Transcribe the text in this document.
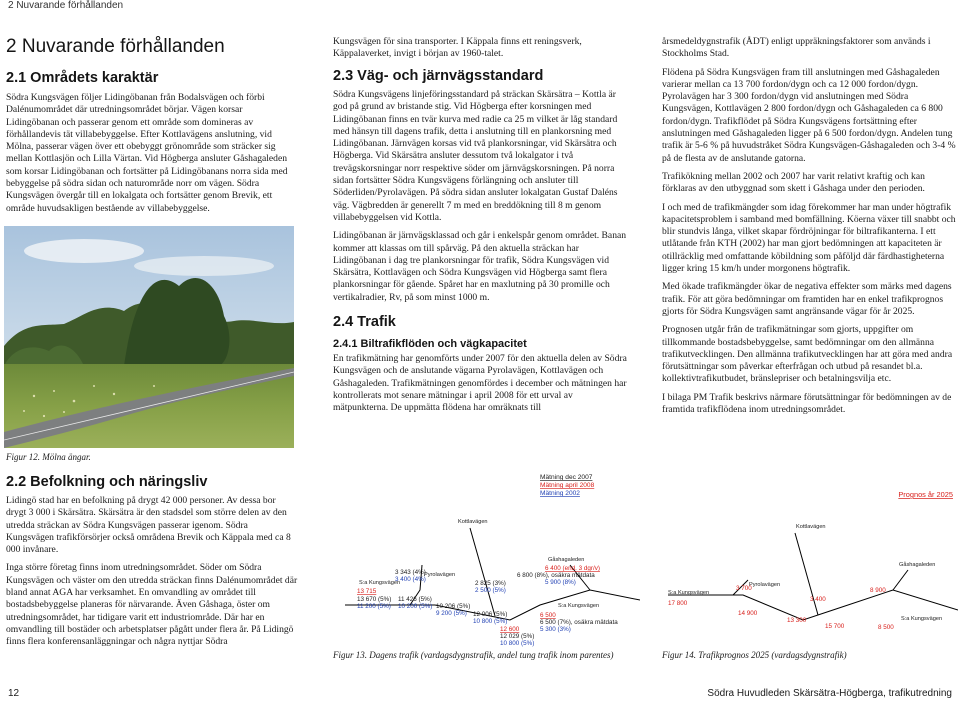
2 Nuvarande förhållanden
2 Nuvarande förhållanden
2.1 Områdets karaktär

Södra Kungsvägen följer Lidingöbanan från Bodalsvägen och förbi Dalénumområdet där utredningsområdet börjar. Vägen korsar Lidingöbanan och passerar genom ett område som domineras av förhållandevis tät villabebyggelse. Efter Kottlavägens anslutning, vid Mölna, passerar vägen över ett obebyggt grönområde som sträcker sig mellan Kottlasjön och Lilla Värtan. Vid Högberga ansluter Gåshagaleden som korsar Lidingöbanan och fortsätter på Lidingöbanans norra sida med bebyggelse på södra sidan och naturområde norr om vägen. Södra Kungsvägen övergår till en lokalgata och fortsätter genom Brevik, ett område huvudsakligen bestående av villabebyggelse.

Figur 12. Mölna ängar.
2.2 Befolkning och näringsliv

Lidingö stad har en befolkning på drygt 42 000 personer. Av dessa bor drygt 3 000 i Skärsätra. Skärsätra är den stadsdel som större delen av den utredda sträckan av Södra Kungsvägen passerar igenom. Södra Kungsvägen trafikförsörjer också områdena Brevik och Käppala med ca 8 000 invånare.

Inga större företag finns inom utredningsområdet. Söder om Södra Kungsvägen och väster om den utredda sträckan finns Dalénumområdet där bland annat AGA har verksamhet. En omvandling av området till bostadsbebyggelse planeras för närvarande. Även Gåshaga, öster om utredningsområdet, har tidigare varit ett industriområde. Där har en omvandling till bostäder och arbetsplatser pågått under flera år. På Lidingö finns flera konferensanläggningar och några nyttjar Södra

Kungsvägen för sina transporter. I Käppala finns ett reningsverk, Käppalaverket, invigt i början av 1960-talet.

2.3 Väg- och järnvägsstandard

Södra Kungsvägens linjeföringsstandard på sträckan Skärsätra – Kottla är god på grund av bristande stig. Vid Högberga efter korsningen med Lidingöbanan finns en tvär kurva med radie ca 25 m vilket är låg standard med hänsyn till dagens trafik, detta i anslutning till en plankorsning med Lidingöbanan. Järnvägen korsas vid två plankorsningar, vid Skärsätra och Högberga. Vid Skärsätra ansluter dessutom två lokalgator i två trevägskorsningar norr respektive söder om järnvägskorsningen. På norra sidan fortsätter Södra Kungsvägens förlängning och ansluter till Söderliden/Pyrolavägen. På södra sidan ansluter lokalgatan Gustaf Daléns väg. Vägbredden är generellt 7 m med en breddökning till 8 m genom villabebyggelsen vid Kottla.

Lidingöbanan är järnvägsklassad och går i enkelspår genom området. Banan kommer att klassas om till spårväg. På den aktuella sträckan har Lidingöbanan i dag tre plankorsningar för trafik, Södra Kungsvägen vid Skärsätra, Kottlavägen och Södra Kungsvägen vid Högberga samt flera plankorsningar för gående. Spåret har en maxlutning på 30 promille och vertikalradier, Rv, på som minst 1000 m.

2.4 Trafik
2.4.1 Biltrafikflöden och vägkapacitet

En trafikmätning har genomförts under 2007 för den aktuella delen av Södra Kungsvägen och de anslutande vägarna Pyrolavägen, Kottlavägen och Gåshagaleden. Trafikmätningen genomfördes i december och mätningen har kontrollerats mot senare mätningar i april 2008 för ett urval av mätpunkterna. De uppmätta flödena har omräknats till

årsmedeldygnstrafik (ÅDT) enligt uppräkningsfaktorer som används i Stockholms Stad.

Flödena på Södra Kungsvägen fram till anslutningen med Gåshagaleden varierar mellan ca 13 700 fordon/dygn och ca 12 000 fordon/dygn. Pyrolavägen har 3 300 fordon/dygn vid anslutningen med Södra Kungsvägen, Kottlavägen 2 800 fordon/dygn och Gåshagaleden ca 6 800 fordon/dygn. Trafikflödet på Södra Kungsvägens fortsättning efter anslutningen med Gåshagaleden ligger på 6 500 fordon/dygn. Andelen tung trafik är 5-6 % på huvudstråket Södra Kungsvägen-Gåshagaleden och 3-4 % på de flesta av de anslutande gatorna.

Trafikökning mellan 2002 och 2007 har varit relativt kraftig och kan förklaras av den utbyggnad som skett i Gåshaga under den perioden.

I och med de trafikmängder som idag förekommer har man under högtrafik kapacitetsproblem i samband med bomfällning. Köerna växer till snabbt och blir stundvis långa, vilket skapar fördröjningar för biltrafikanterna. I ett utlåtande från KTH (2002) har man gjort bedömningen att kapaciteten är otillräcklig med omfattande köbildning som påföljd där färdhastigheterna ligger kring 15 km/h under morgonens högtrafik.

Med ökade trafikmängder ökar de negativa effekter som märks med dagens trafik. För att göra bedömningar om framtiden har en enkel trafikprognos gjorts för Södra Kungsvägen samt angränsande vägar för år 2025.

Prognosen utgår från de trafikmätningar som gjorts, uppgifter om tillkommande bostadsbebyggelse, samt bedömningar om den allmänna trafikutvecklingen. Den allmänna trafikutvecklingen har att göra med andra förutsättningar som påverkar efterfrågan och utbud på resandet bl.a. kollektivtrafikutbudet, bränslepriser och betalningsvilja etc.

I bilaga PM Trafik beskrivs närmare förutsättningar för bedömningen av de framtida trafikflödena inom utredningsområdet.

Mätning dec 2007
Mätning april 2008
Mätning 2002
S:a Kungsvägen
Pyrolavägen
Kottlavägen
Gåshagaleden
S:a Kungsvägen
13 715
13 670 (5%)
11 200 (5%)
3 343 (4%)
3 400 (4%)
11 426 (5%)
10 200 (5%) 10 206 (5%)
9 200 (5%)
2 825 (3%)
2 500 (5%)
12 006 (5%)
10 800 (5%)
12 600
12 029 (5%)
10 800 (5%)
6 400 (end. 3 dgr/v)
6 800 (8%), osäkra mätdata
5 900 (8%)
6 500
6 500 (7%), osäkra mätdata
5 300 (3%)
Figur 13. Dagens trafik (vardagsdygnstrafik, andel tung trafik inom parentes)
Prognos år 2025
S:a Kungsvägen
Pyrolavägen
Kottlavägen
Gåshagaleden
S:a Kungsvägen
17 800
3 700
14 900
13 300
3 400
15 700
8 900
8 500
Figur 14. Trafikprognos 2025 (vardagsdygnstrafik)
12	Södra Huvudleden Skärsätra-Högberga, trafikutredning
